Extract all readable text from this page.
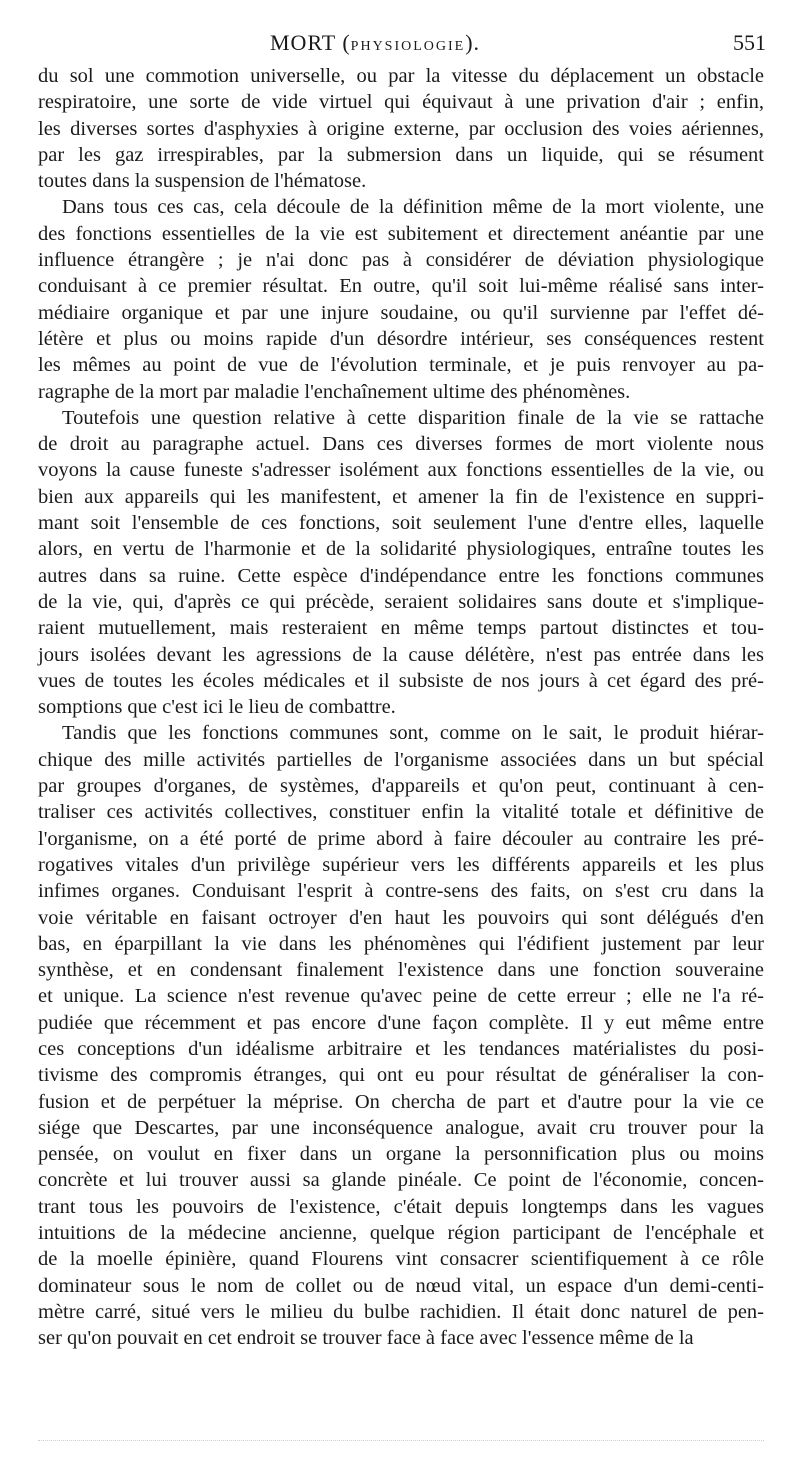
MORT (PHYSIOLOGIE).	551
du sol une commotion universelle, ou par la vitesse du déplacement un obstacle
respiratoire, une sorte de vide virtuel qui équivaut à une privation d'air ; enfin,
les diverses sortes d'asphyxies à origine externe, par occlusion des voies aériennes,
par les gaz irrespirables, par la submersion dans un liquide, qui se résument
toutes dans la suspension de l'hématose.
Dans tous ces cas, cela découle de la définition même de la mort violente, une
des fonctions essentielles de la vie est subitement et directement anéantie par une
influence étrangère ; je n'ai donc pas à considérer de déviation physiologique
conduisant à ce premier résultat. En outre, qu'il soit lui-même réalisé sans inter-
médiaire organique et par une injure soudaine, ou qu'il survienne par l'effet dé-
létère et plus ou moins rapide d'un désordre intérieur, ses conséquences restent
les mêmes au point de vue de l'évolution terminale, et je puis renvoyer au pa-
ragraphe de la mort par maladie l'enchaînement ultime des phénomènes.
Toutefois une question relative à cette disparition finale de la vie se rattache
de droit au paragraphe actuel. Dans ces diverses formes de mort violente nous
voyons la cause funeste s'adresser isolément aux fonctions essentielles de la vie, ou
bien aux appareils qui les manifestent, et amener la fin de l'existence en suppri-
mant soit l'ensemble de ces fonctions, soit seulement l'une d'entre elles, laquelle
alors, en vertu de l'harmonie et de la solidarité physiologiques, entraîne toutes les
autres dans sa ruine. Cette espèce d'indépendance entre les fonctions communes
de la vie, qui, d'après ce qui précède, seraient solidaires sans doute et s'implique-
raient mutuellement, mais resteraient en même temps partout distinctes et tou-
jours isolées devant les agressions de la cause délétère, n'est pas entrée dans les
vues de toutes les écoles médicales et il subsiste de nos jours à cet égard des pré-
somptions que c'est ici le lieu de combattre.
Tandis que les fonctions communes sont, comme on le sait, le produit hiérar-
chique des mille activités partielles de l'organisme associées dans un but spécial
par groupes d'organes, de systèmes, d'appareils et qu'on peut, continuant à cen-
traliser ces activités collectives, constituer enfin la vitalité totale et définitive de
l'organisme, on a été porté de prime abord à faire découler au contraire les pré-
rogatives vitales d'un privilège supérieur vers les différents appareils et les plus
infimes organes. Conduisant l'esprit à contre-sens des faits, on s'est cru dans la
voie véritable en faisant octroyer d'en haut les pouvoirs qui sont délégués d'en
bas, en éparpillant la vie dans les phénomènes qui l'édifient justement par leur
synthèse, et en condensant finalement l'existence dans une fonction souveraine
et unique. La science n'est revenue qu'avec peine de cette erreur ; elle ne l'a ré-
pudiée que récemment et pas encore d'une façon complète. Il y eut même entre
ces conceptions d'un idéalisme arbitraire et les tendances matérialistes du posi-
tivisme des compromis étranges, qui ont eu pour résultat de généraliser la con-
fusion et de perpétuer la méprise. On chercha de part et d'autre pour la vie ce
siége que Descartes, par une inconséquence analogue, avait cru trouver pour la
pensée, on voulut en fixer dans un organe la personnification plus ou moins
concrète et lui trouver aussi sa glande pinéale. Ce point de l'économie, concen-
trant tous les pouvoirs de l'existence, c'était depuis longtemps dans les vagues
intuitions de la médecine ancienne, quelque région participant de l'encéphale et
de la moelle épinière, quand Flourens vint consacrer scientifiquement à ce rôle
dominateur sous le nom de collet ou de nœud vital, un espace d'un demi-centi-
mètre carré, situé vers le milieu du bulbe rachidien. Il était donc naturel de pen-
ser qu'on pouvait en cet endroit se trouver face à face avec l'essence même de la
